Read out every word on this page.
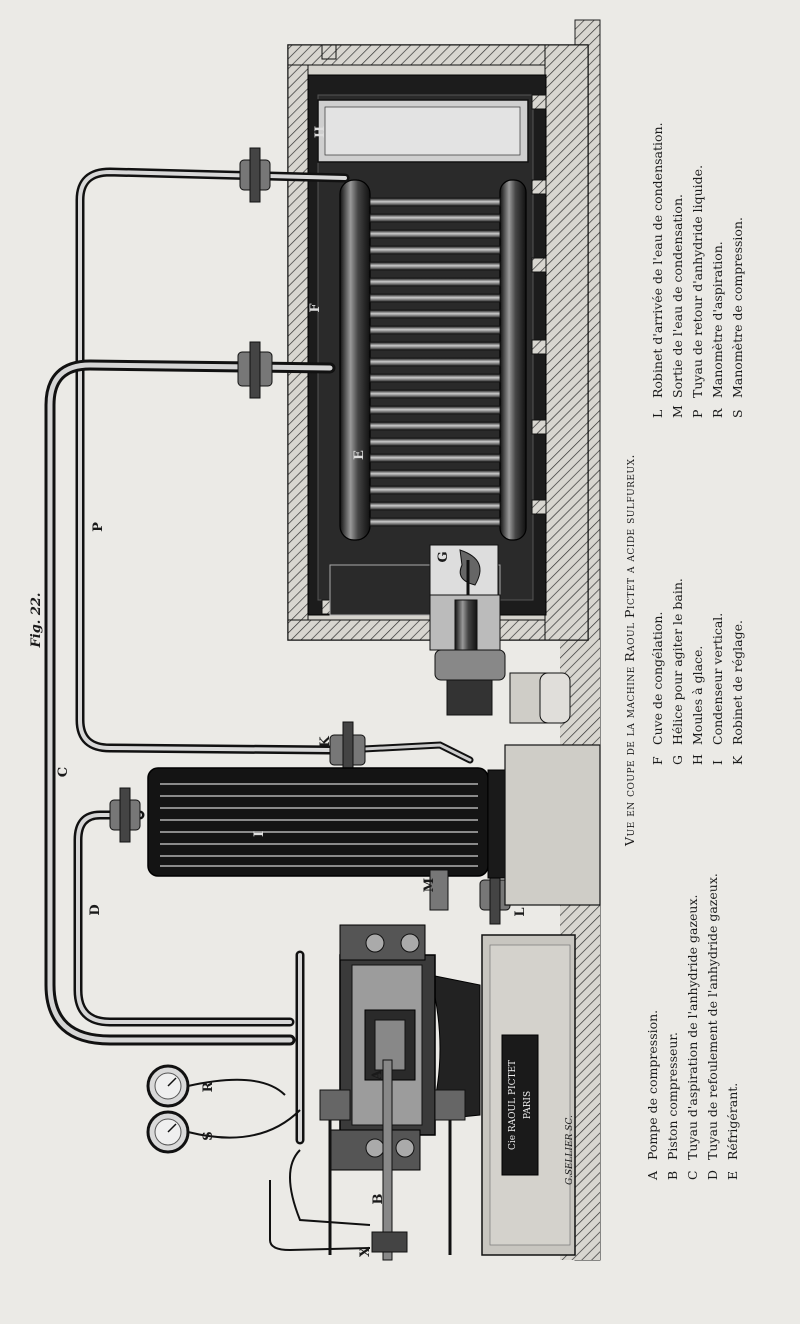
Cie RAOUL PICTET PARIS
P
C
D
K
I
M
L
A
B
X
R
S
E
F
G
H
G.SELLIER SC.
Fig. 22.	Vue en coupe de la machine Raoul Pictet a acide sulfureux.
A
Pompe de compression.
B
Piston compresseur.
C
Tuyau d'aspiration de l'anhydride gazeux.
D
Tuyau de refoulement de l'anhydride gazeux.
E
Réfrigérant.
F
Cuve de congélation.
G
Hélice pour agiter le bain.
H
Moules à glace.
I
Condenseur vertical.
K
Robinet de réglage.
L
Robinet d'arrivée de l'eau de condensation.
M
Sortie de l'eau de condensation.
P
Tuyau de retour d'anhydride liquide.
R
Manomètre d'aspiration.
S
Manomètre de compression.
